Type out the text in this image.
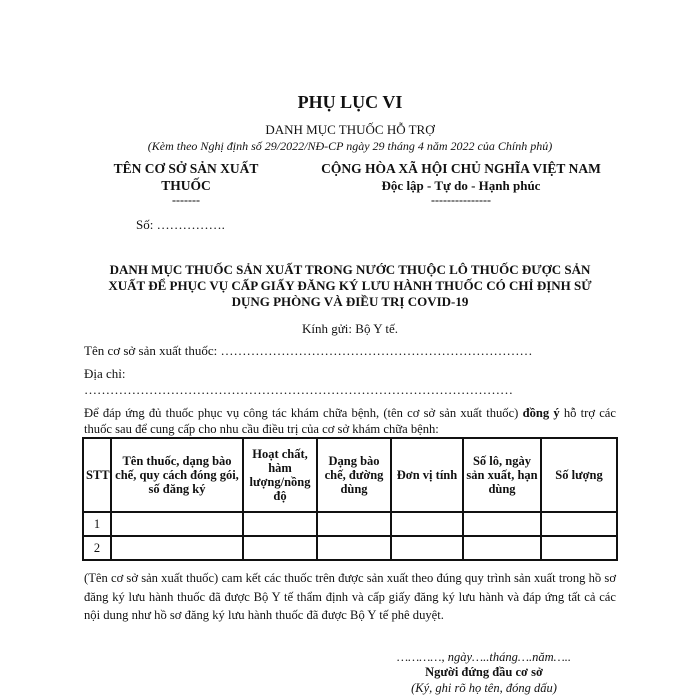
PHỤ LỤC VI
DANH MỤC THUỐC HỖ TRỢ
(Kèm theo Nghị định số 29/2022/NĐ-CP ngày 29 tháng 4 năm 2022 của Chính phủ)
TÊN CƠ SỞ SẢN XUẤT
THUỐC
-------
CỘNG HÒA XÃ HỘI CHỦ NGHĨA VIỆT NAM
Độc lập - Tự do - Hạnh phúc
---------------
Số: …………….
DANH MỤC THUỐC SẢN XUẤT TRONG NƯỚC THUỘC LÔ THUỐC ĐƯỢC SẢN
XUẤT ĐỂ PHỤC VỤ CẤP GIẤY ĐĂNG KÝ LƯU HÀNH THUỐC CÓ CHỈ ĐỊNH SỬ
DỤNG PHÒNG VÀ ĐIỀU TRỊ COVID-19
Kính gửi: Bộ Y tế.
Tên cơ sở sản xuất thuốc: ………………………………………………………………
Địa chỉ:
………………………………………………………………………………………
Để đáp ứng đủ thuốc phục vụ công tác khám chữa bệnh, (tên cơ sở sản xuất thuốc) đồng ý hỗ trợ các thuốc sau để cung cấp cho nhu cầu điều trị của cơ sở khám chữa bệnh:
STT	Tên thuốc, dạng bào chế, quy cách đóng gói, số đăng ký	Hoạt chất, hàm lượng/nồng độ	Dạng bào chế, đường dùng	Đơn vị tính	Số lô, ngày sản xuất, hạn dùng	Số lượng
1						
2						
(Tên cơ sở sản xuất thuốc) cam kết các thuốc trên được sản xuất theo đúng quy trình sản xuất trong hồ sơ đăng ký lưu hành thuốc đã được Bộ Y tế thẩm định và cấp giấy đăng ký lưu hành và đáp ứng tất cả các nội dung như hồ sơ đăng ký lưu hành thuốc đã được Bộ Y tế phê duyệt.
…………, ngày…..tháng….năm…..
Người đứng đầu cơ sở
(Ký, ghi rõ họ tên, đóng dấu)
